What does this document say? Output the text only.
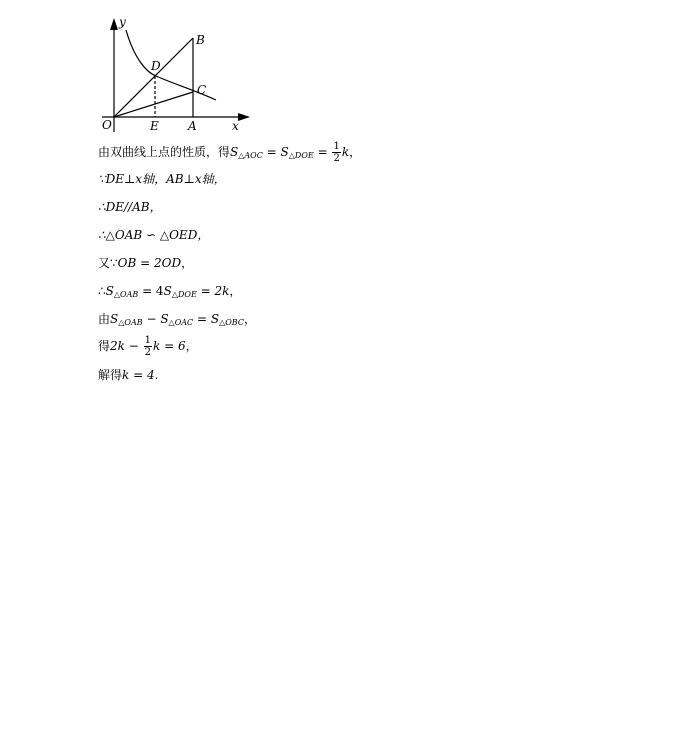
y
x
O	E A
B
C
D
由双曲线上点的性质，得$S_{\triangle AOC} = S_{\triangle DOE} = \frac{1}{2}$ k，
∵DE⊥x轴，AB⊥x轴，
∴DE//AB，
∴△OAB ∽ △OED，
又∵OB = 2OD，
$\therefore S_{\triangle OAB} = 4S_{\triangle DOE} = 2k$，
由$S_{\triangle OAB} - S_{\triangle OAC} = S_{\triangle OBC}$，
得$2k - \frac{1}{2}$ k = 6，
解得k = 4.
